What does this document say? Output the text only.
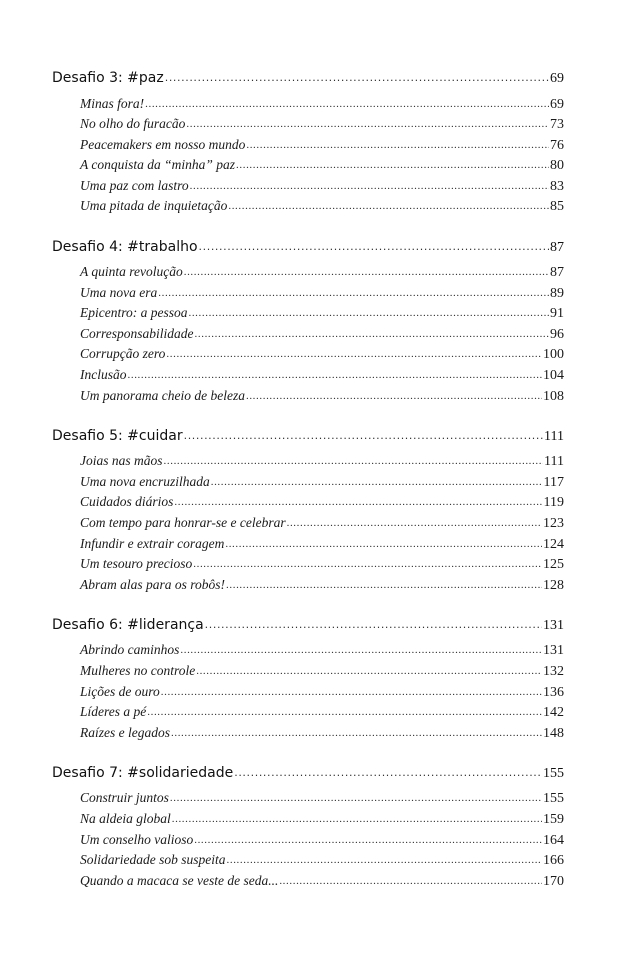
Desafio 3: #paz .....	69
Minas fora! .....	69
No olho do furacão .....	73
Peacemakers em nosso mundo .....	76
A conquista da “minha” paz .....	80
Uma paz com lastro .....	83
Uma pitada de inquietação .....	85
Desafio 4: #trabalho .....	87
A quinta revolução .....	87
Uma nova era .....	89
Epicentro: a pessoa .....	91
Corresponsabilidade .....	96
Corrupção zero .....	100
Inclusão .....	104
Um panorama cheio de beleza .....	108
Desafio 5: #cuidar .....	111
Joias nas mãos .....	111
Uma nova encruzilhada .....	117
Cuidados diários .....	119
Com tempo para honrar-se e celebrar .....	123
Infundir e extrair coragem .....	124
Um tesouro precioso .....	125
Abram alas para os robôs! .....	128
Desafio 6: #liderança .....	131
Abrindo caminhos .....	131
Mulheres no controle .....	132
Lições de ouro .....	136
Líderes a pé .....	142
Raízes e legados .....	148
Desafio 7: #solidariedade .....	155
Construir juntos .....	155
Na aldeia global .....	159
Um conselho valioso .....	164
Solidariedade sob suspeita .....	166
Quando a macaca se veste de seda... .....	170
